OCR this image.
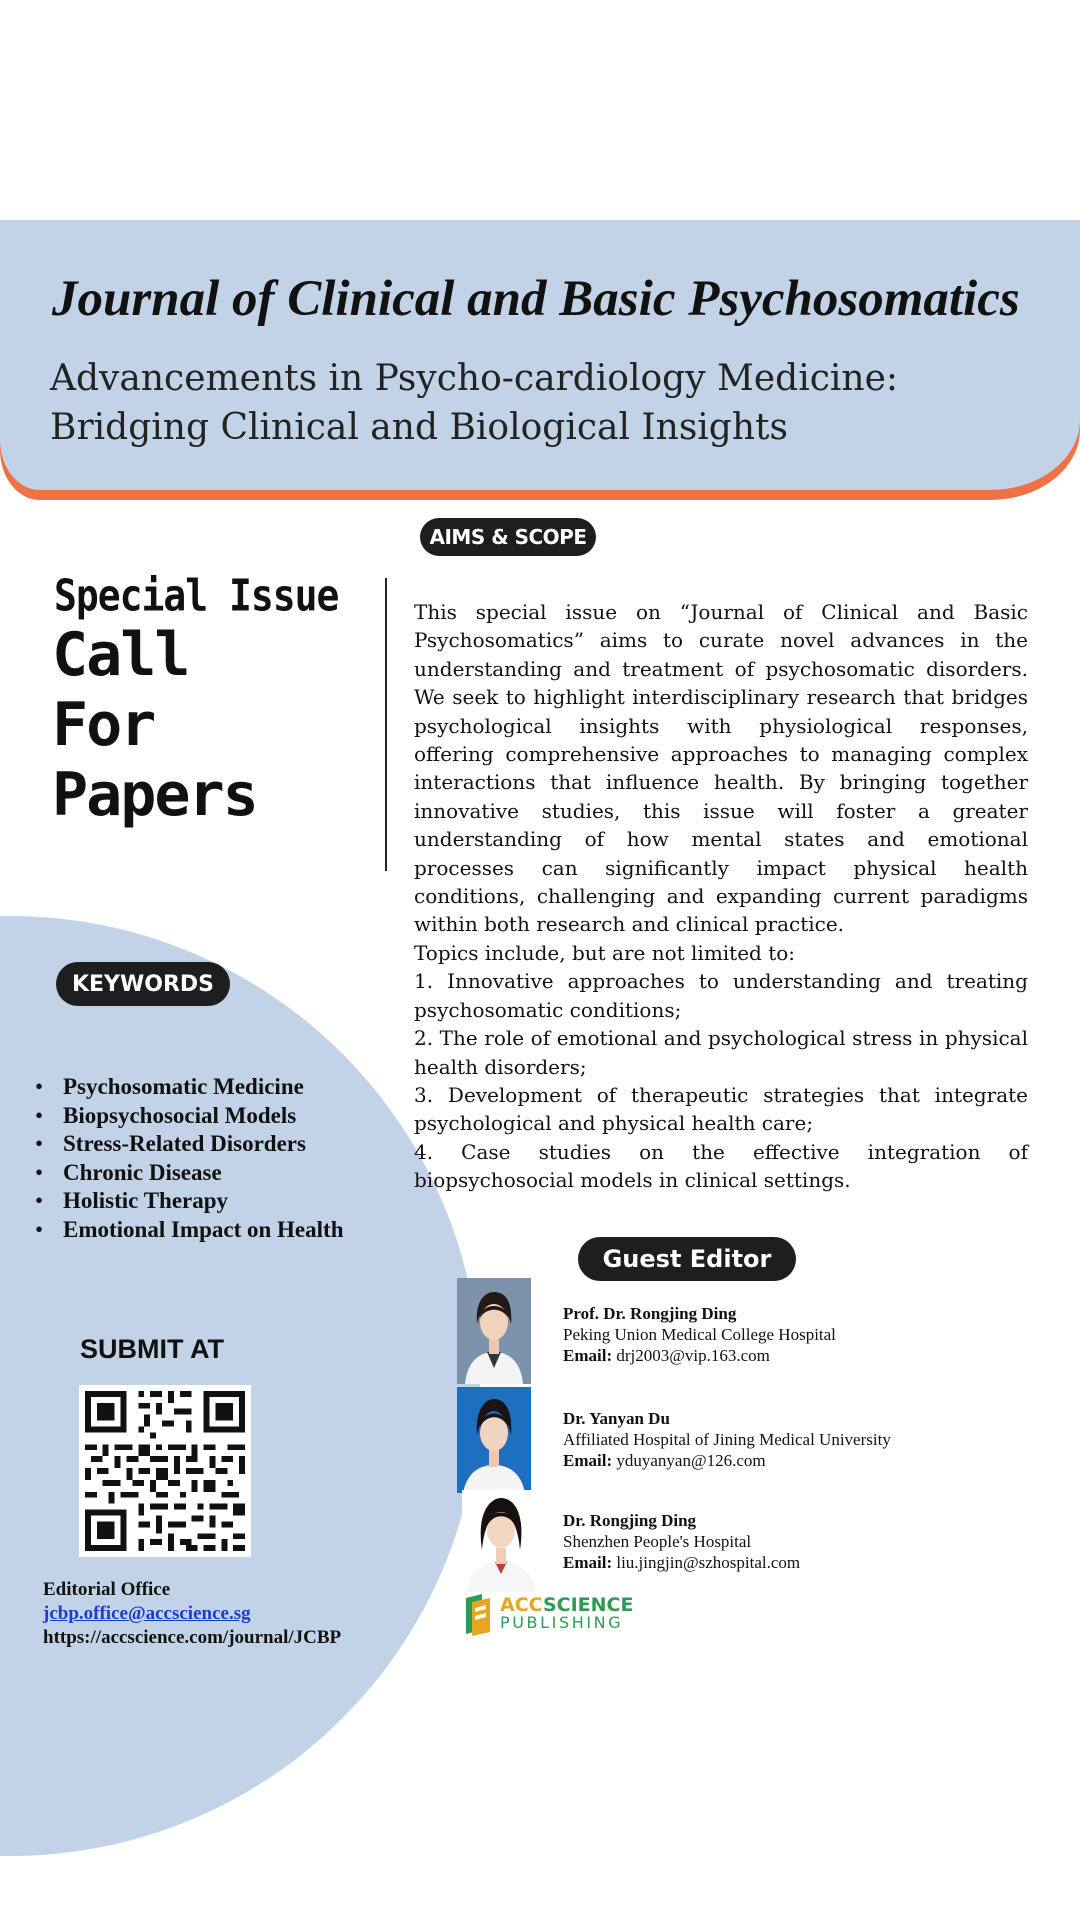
Journal of Clinical and Basic Psychosomatics
Advancements in Psycho-cardiology Medicine: Bridging Clinical and Biological Insights
AIMS & SCOPE
Special Issue
Call
For
Papers

This special issue on “Journal of Clinical and Basic Psychosomatics” aims to curate novel advances in the understanding and treatment of psychosomatic disorders. We seek to highlight interdisciplinary research that bridges psychological insights with physiological responses, offering comprehensive approaches to managing complex interactions that influence health. By bringing together innovative studies, this issue will foster a greater understanding of how mental states and emotional processes can significantly impact physical health conditions, challenging and expanding current paradigms within both research and clinical practice.

Topics include, but are not limited to:

1. Innovative approaches to understanding and treating psychosomatic conditions;

2. The role of emotional and psychological stress in physical health disorders;

3. Development of therapeutic strategies that integrate psychological and physical health care;

4. Case studies on the effective integration of biopsychosocial models in clinical settings.

KEYWORDS
• Psychosomatic Medicine
• Biopsychosocial Models
• Stress-Related Disorders
• Chronic Disease
• Holistic Therapy
• Emotional Impact on Health
SUBMIT AT
Editorial Office
jcbp.office@accscience.sg
https://accscience.com/journal/JCBP
Guest Editor
Prof. Dr. Rongjing Ding
Peking Union Medical College Hospital
Email: drj2003@vip.163.com
Dr. Yanyan Du
Affiliated Hospital of Jining Medical University
Email: yduyanyan@126.com
Dr. Rongjing Ding
Shenzhen People's Hospital
Email: liu.jingjin@szhospital.com
ACCSCIENCE
PUBLISHING
